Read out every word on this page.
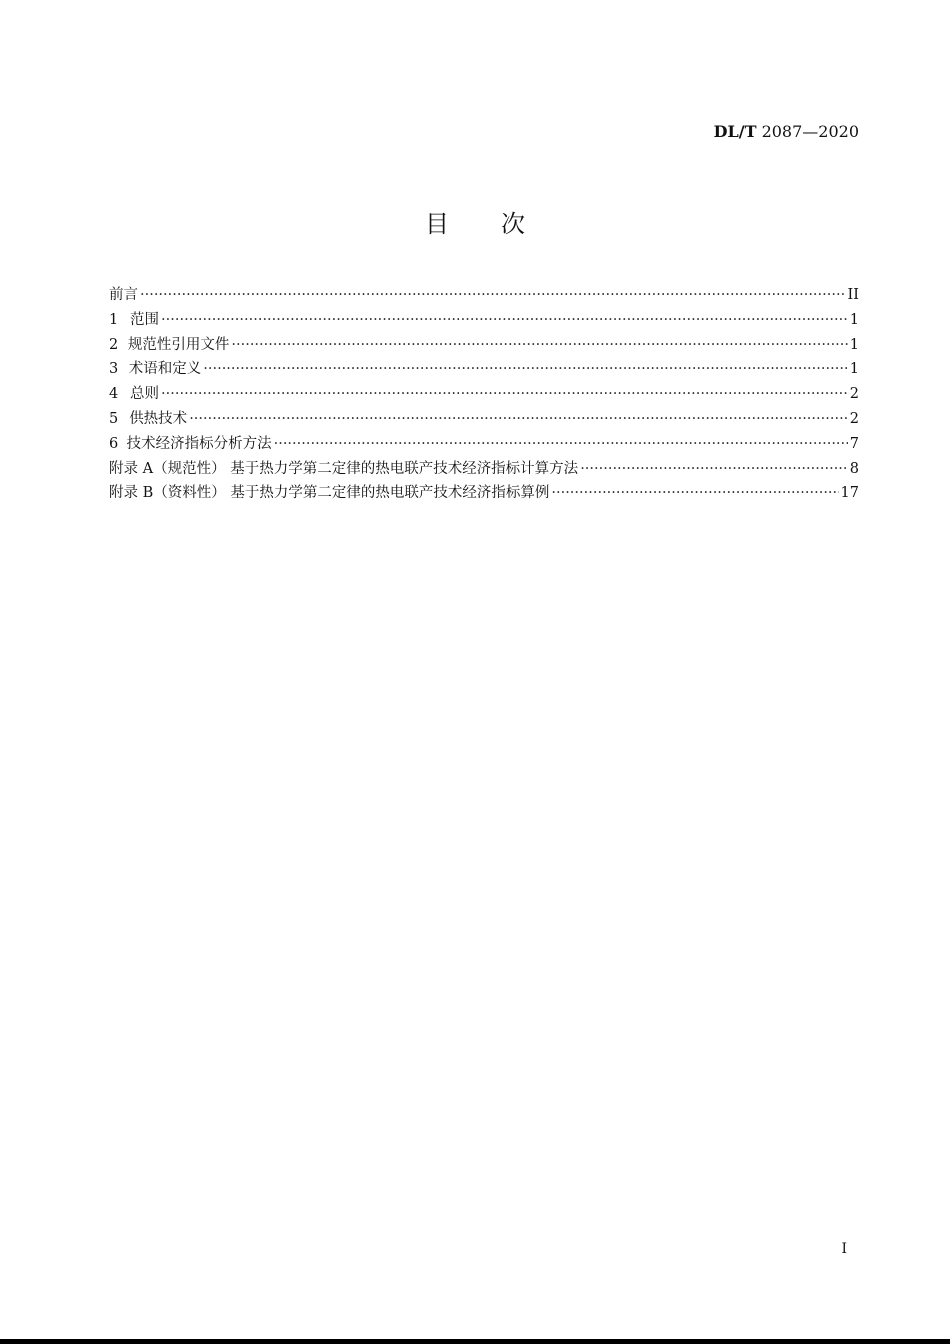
DL/T 2087—2020
目 次
前言 ·····	II
1 范围 ·····	1
2 规范性引用文件 ·····	1
3 术语和定义 ·····	1
4 总则 ·····	2
5 供热技术 ·····	2
6 技术经济指标分析方法 ·····	7
附录 A（规范性） 基于热力学第二定律的热电联产技术经济指标计算方法 ·····	8
附录 B（资料性） 基于热力学第二定律的热电联产技术经济指标算例 ·····	17
I
